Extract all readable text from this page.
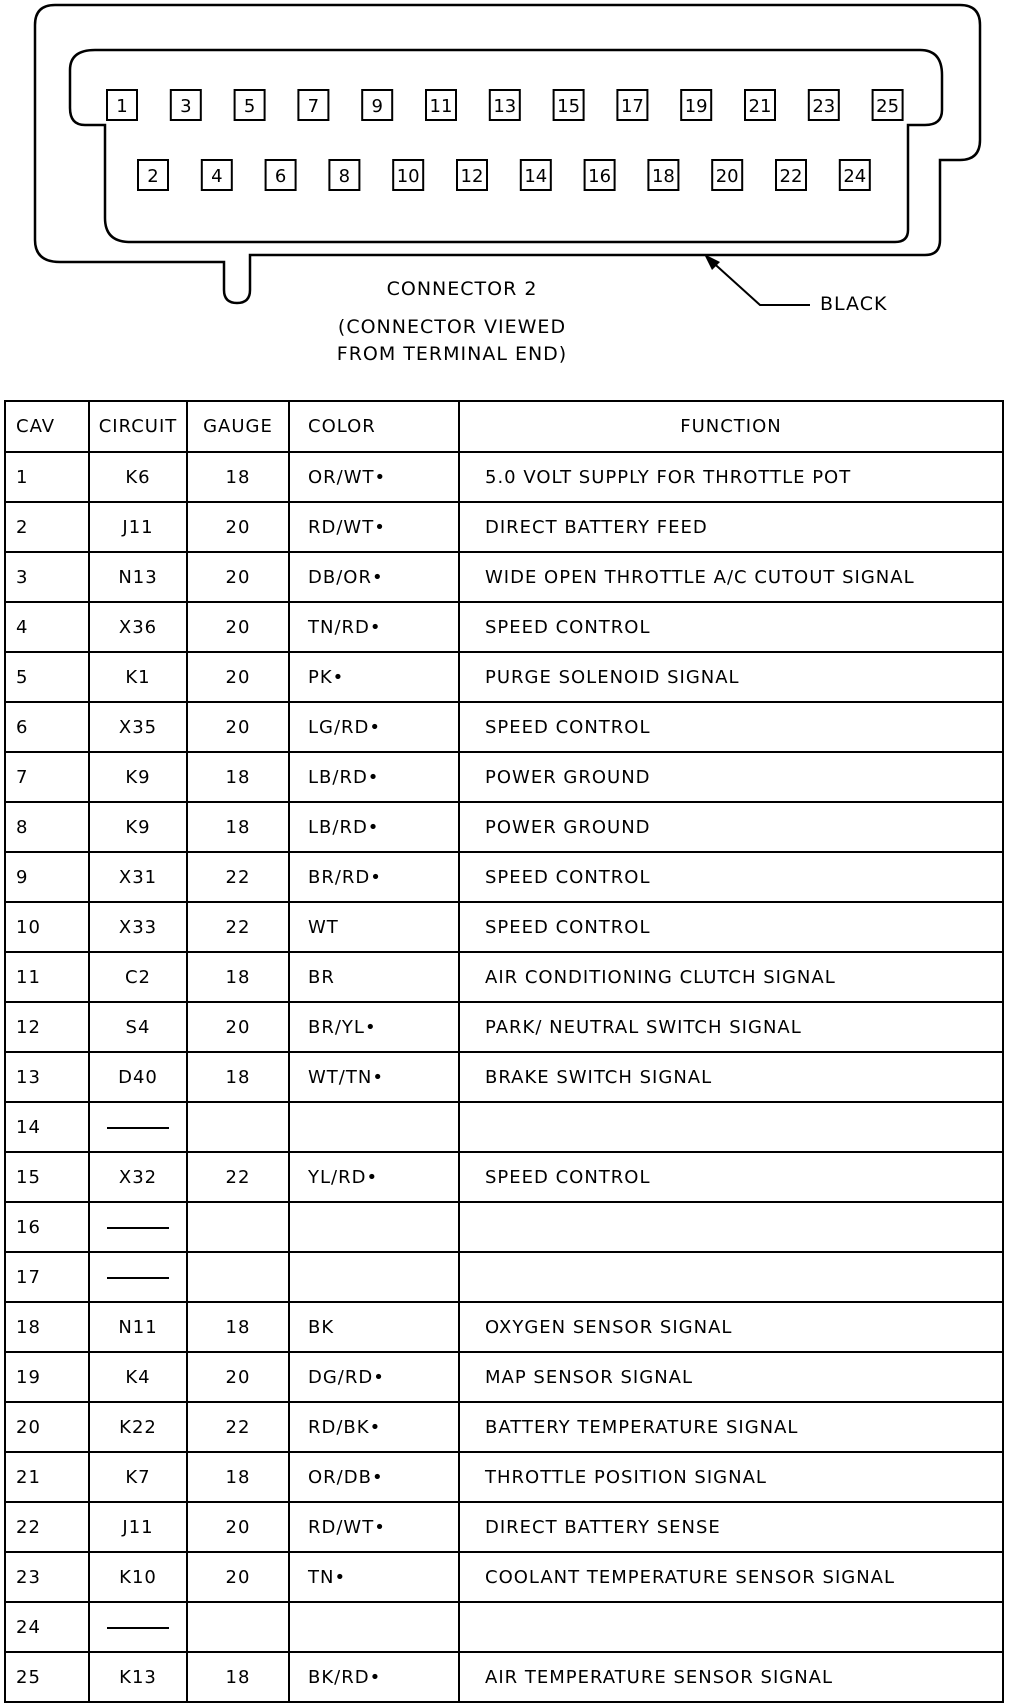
1	3	5	7	9	11 13 15 17 19 21 23 25
2	4	6	8	10 12 14 16 18 20 22 24
CONNECTOR 2
(CONNECTOR VIEWED
FROM TERMINAL END)
BLACK
CAV	CIRCUIT	GAUGE	COLOR	FUNCTION
1	K6	18	OR/WT•	5.0 VOLT SUPPLY FOR THROTTLE POT
2	J11	20	RD/WT•	DIRECT BATTERY FEED
3	N13	20	DB/OR•	WIDE OPEN THROTTLE A/C CUTOUT SIGNAL
4	X36	20	TN/RD•	SPEED CONTROL
5	K1	20	PK•	PURGE SOLENOID SIGNAL
6	X35	20	LG/RD•	SPEED CONTROL
7	K9	18	LB/RD•	POWER GROUND
8	K9	18	LB/RD•	POWER GROUND
9	X31	22	BR/RD•	SPEED CONTROL
10	X33	22	WT	SPEED CONTROL
11	C2	18	BR	AIR CONDITIONING CLUTCH SIGNAL
12	S4	20	BR/YL•	PARK/ NEUTRAL SWITCH SIGNAL
13	D40	18	WT/TN•	BRAKE SWITCH SIGNAL
14				
15	X32	22	YL/RD•	SPEED CONTROL
16				
17				
18	N11	18	BK	OXYGEN SENSOR SIGNAL
19	K4	20	DG/RD•	MAP SENSOR SIGNAL
20	K22	22	RD/BK•	BATTERY TEMPERATURE SIGNAL
21	K7	18	OR/DB•	THROTTLE POSITION SIGNAL
22	J11	20	RD/WT•	DIRECT BATTERY SENSE
23	K10	20	TN•	COOLANT TEMPERATURE SENSOR SIGNAL
24				
25	K13	18	BK/RD•	AIR TEMPERATURE SENSOR SIGNAL
